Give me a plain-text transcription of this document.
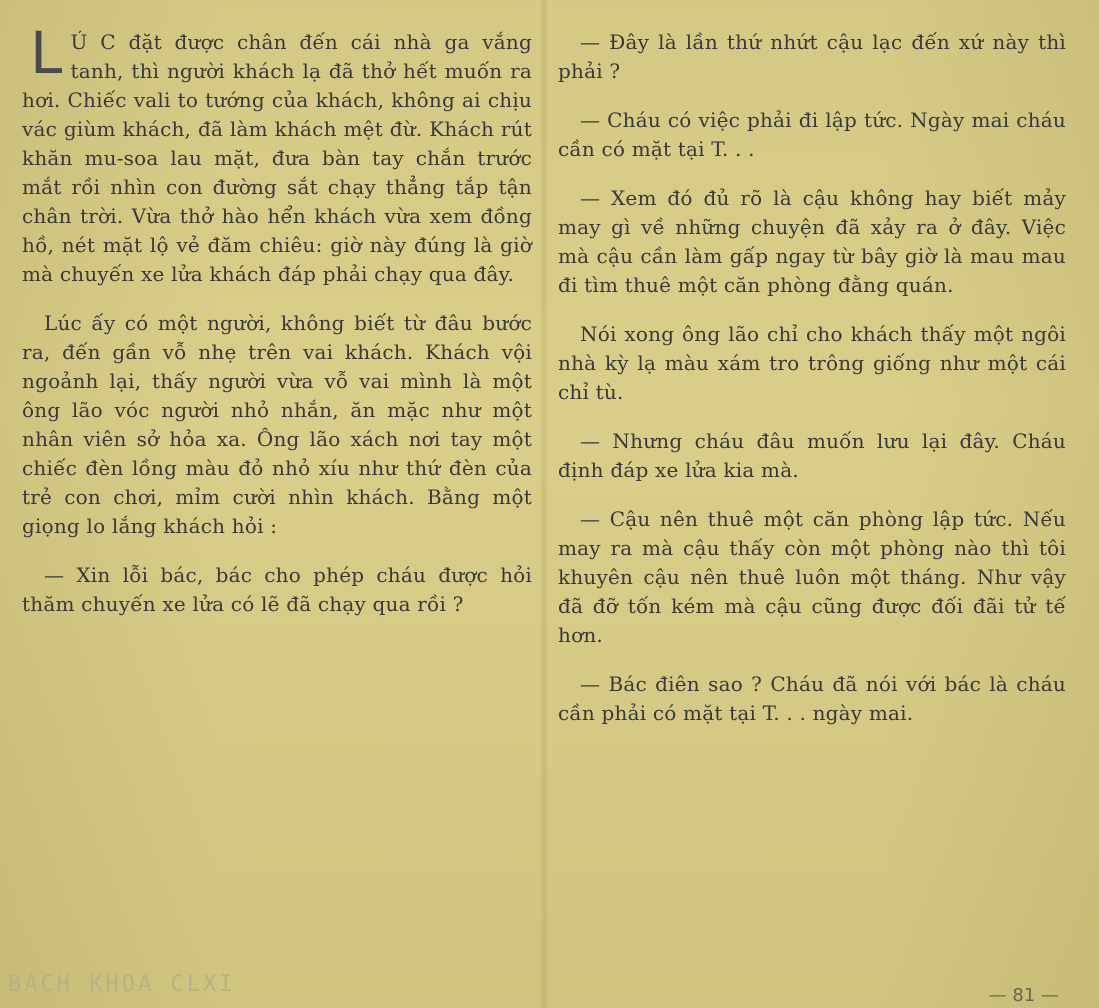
L Ú C đặt được chân đến cái nhà ga vắng tanh, thì người khách lạ đã thở hết muốn ra hơi. Chiếc vali to tướng của khách, không ai chịu vác giùm khách, đã làm khách mệt đừ. Khách rút khăn mu-soa lau mặt, đưa bàn tay chắn trước mắt rồi nhìn con đường sắt chạy thẳng tắp tận chân trời. Vừa thở hào hển khách vừa xem đồng hồ, nét mặt lộ vẻ đăm chiêu: giờ này đúng là giờ mà chuyến xe lửa khách đáp phải chạy qua đây.

Lúc ấy có một người, không biết từ đâu bước ra, đến gần vỗ nhẹ trên vai khách. Khách vội ngoảnh lại, thấy người vừa vỗ vai mình là một ông lão vóc người nhỏ nhắn, ăn mặc như một nhân viên sở hỏa xa. Ông lão xách nơi tay một chiếc đèn lồng màu đỏ nhỏ xíu như thứ đèn của trẻ con chơi, mỉm cười nhìn khách. Bằng một giọng lo lắng khách hỏi :

— Xin lỗi bác, bác cho phép cháu được hỏi thăm chuyến xe lửa có lẽ đã chạy qua rồi ?

— Đây là lần thứ nhứt cậu lạc đến xứ này thì phải ?

— Cháu có việc phải đi lập tức. Ngày mai cháu cần có mặt tại T. . .

— Xem đó đủ rõ là cậu không hay biết mảy may gì về những chuyện đã xảy ra ở đây. Việc mà cậu cần làm gấp ngay từ bây giờ là mau mau đi tìm thuê một căn phòng đằng quán.

Nói xong ông lão chỉ cho khách thấy một ngôi nhà kỳ lạ màu xám tro trông giống như một cái chỉ tù.

— Nhưng cháu đâu muốn lưu lại đây. Cháu định đáp xe lửa kia mà.

— Cậu nên thuê một căn phòng lập tức. Nếu may ra mà cậu thấy còn một phòng nào thì tôi khuyên cậu nên thuê luôn một tháng. Như vậy đã đỡ tốn kém mà cậu cũng được đối đãi tử tế hơn.

— Bác điên sao ? Cháu đã nói với bác là cháu cần phải có mặt tại T. . . ngày mai.

BÁCH KHOA CLXI	— 81 —
